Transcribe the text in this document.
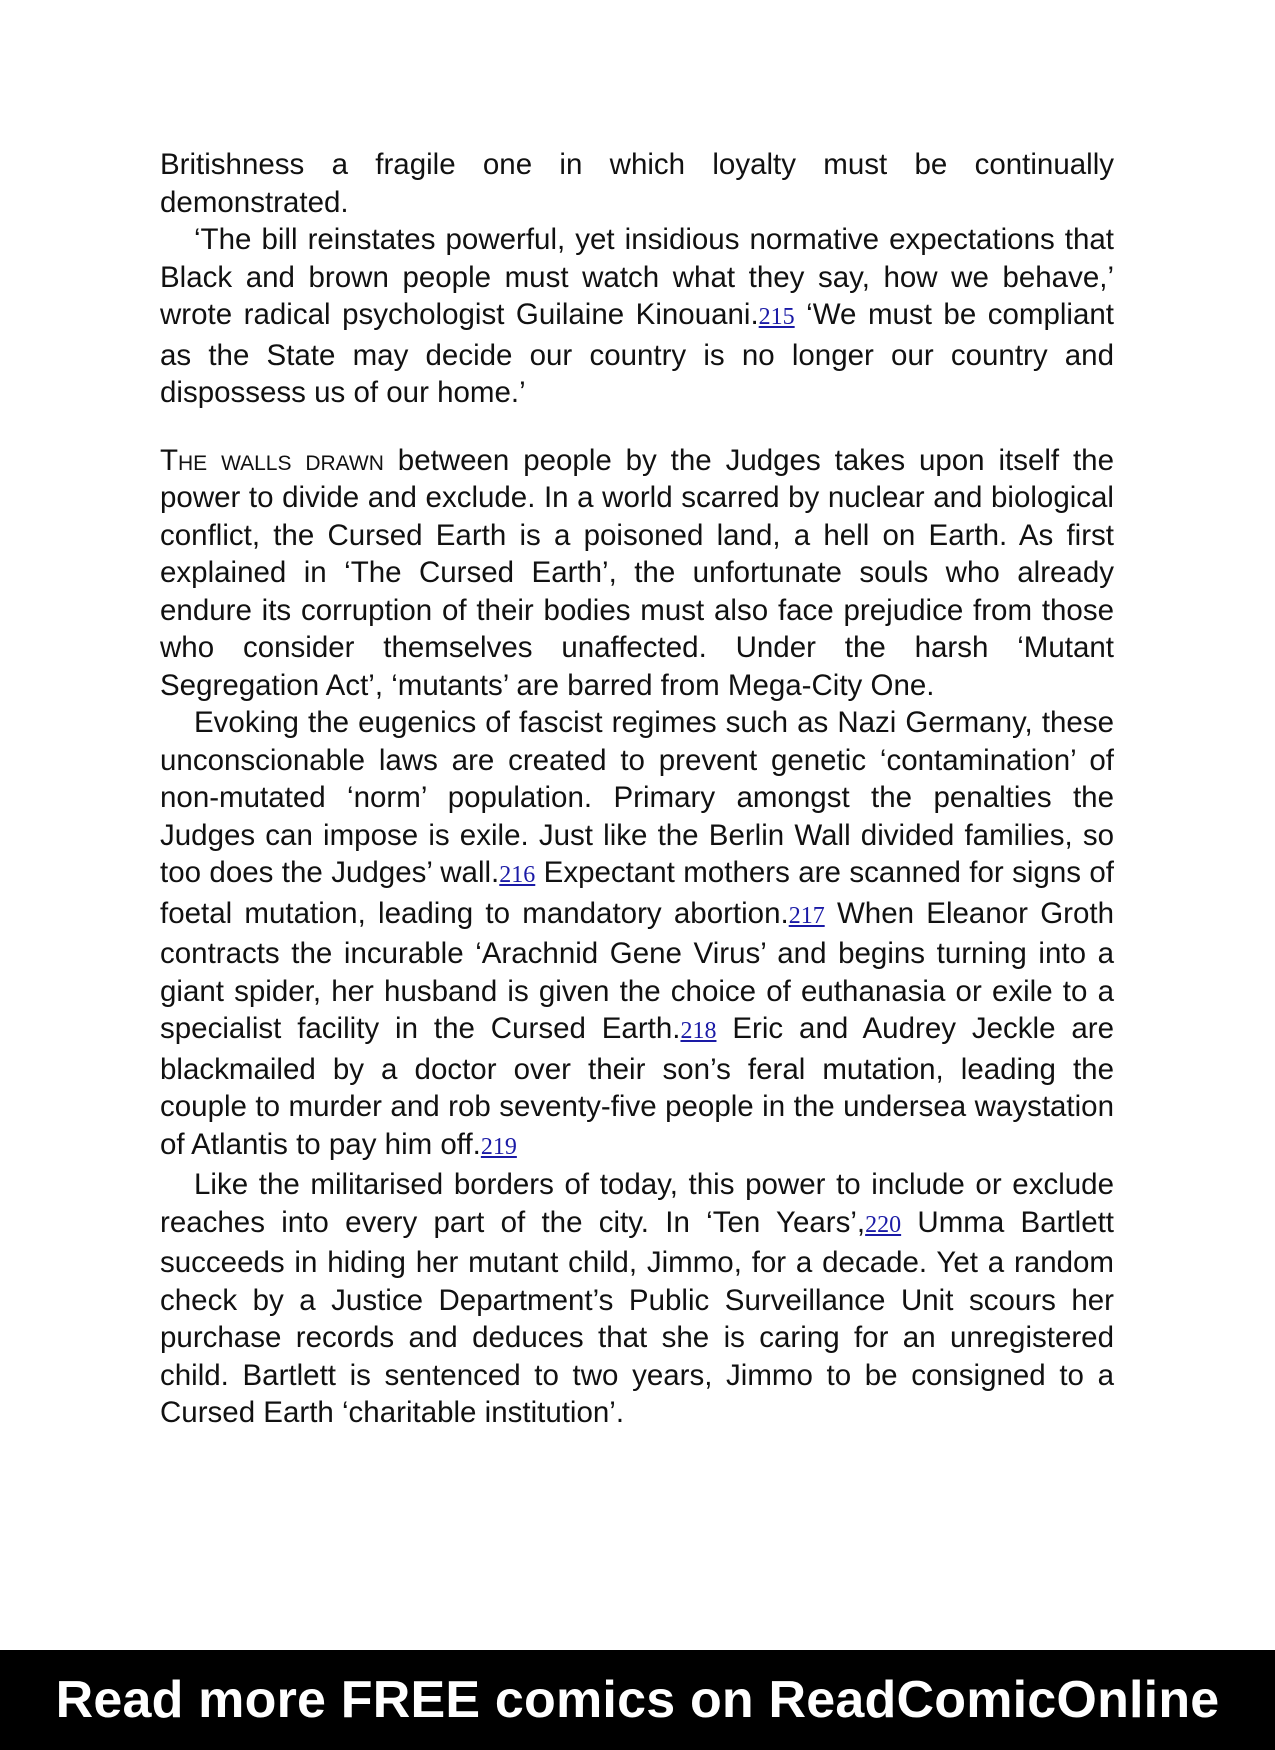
Britishness a fragile one in which loyalty must be continually demonstrated.

‘The bill reinstates powerful, yet insidious normative expectations that Black and brown people must watch what they say, how we behave,’ wrote radical psychologist Guilaine Kinouani.215 ‘We must be compliant as the State may decide our country is no longer our country and dispossess us of our home.’

The walls drawn between people by the Judges takes upon itself the power to divide and exclude. In a world scarred by nuclear and biological conflict, the Cursed Earth is a poisoned land, a hell on Earth. As first explained in ‘The Cursed Earth’, the unfortunate souls who already endure its corruption of their bodies must also face prejudice from those who consider themselves unaffected. Under the harsh ‘Mutant Segregation Act’, ‘mutants’ are barred from Mega-City One.

Evoking the eugenics of fascist regimes such as Nazi Germany, these unconscionable laws are created to prevent genetic ‘contamination’ of non-mutated ‘norm’ population. Primary amongst the penalties the Judges can impose is exile. Just like the Berlin Wall divided families, so too does the Judges’ wall.216 Expectant mothers are scanned for signs of foetal mutation, leading to mandatory abortion.217 When Eleanor Groth contracts the incurable ‘Arachnid Gene Virus’ and begins turning into a giant spider, her husband is given the choice of euthanasia or exile to a specialist facility in the Cursed Earth.218 Eric and Audrey Jeckle are blackmailed by a doctor over their son’s feral mutation, leading the couple to murder and rob seventy-five people in the undersea waystation of Atlantis to pay him off.219

Like the militarised borders of today, this power to include or exclude reaches into every part of the city. In ‘Ten Years’,220 Umma Bartlett succeeds in hiding her mutant child, Jimmo, for a decade. Yet a random check by a Justice Department’s Public Surveillance Unit scours her purchase records and deduces that she is caring for an unregistered child. Bartlett is sentenced to two years, Jimmo to be consigned to a Cursed Earth ‘charitable institution’.

Read more FREE comics on ReadComicOnline
